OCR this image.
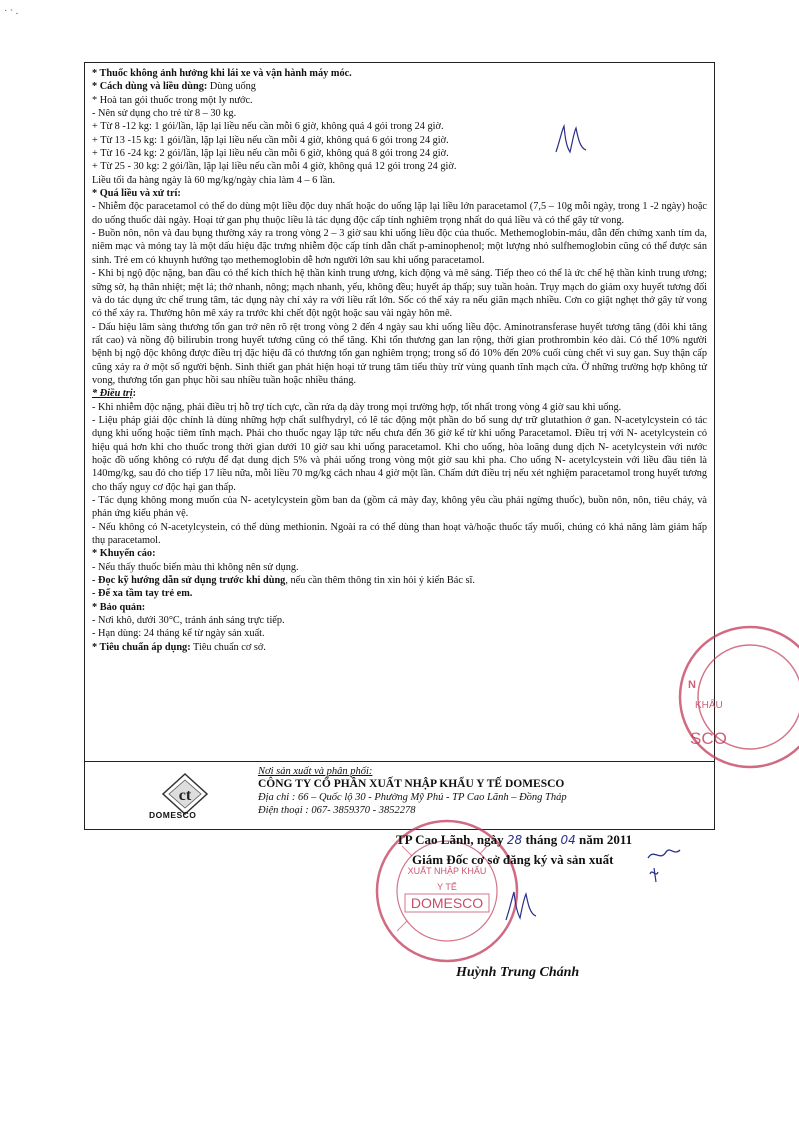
˙ ` ⸱

* Thuốc không ảnh hưởng khi lái xe và vận hành máy móc.

* Cách dùng và liều dùng: Dùng uống

* Hoà tan gói thuốc trong một ly nước.

- Nên sử dụng cho trẻ từ 8 – 30 kg.

+ Từ 8 -12 kg: 1 gói/lần, lặp lại liều nếu cần mỗi 6 giờ, không quá 4 gói trong 24 giờ.

+ Từ 13 -15 kg: 1 gói/lần, lặp lại liều nếu cần mỗi 4 giờ, không quá 6 gói trong 24 giờ.

+ Từ 16 -24 kg: 2 gói/lần, lặp lại liều nếu cần mỗi 6 giờ, không quá 8 gói trong 24 giờ.

+ Từ 25 - 30 kg: 2 gói/lần, lặp lại liều nếu cần mỗi 4 giờ, không quá 12 gói trong 24 giờ.

Liều tối đa hàng ngày là 60 mg/kg/ngày chia làm 4 – 6 lần.

* Quá liều và xử trí:

- Nhiễm độc paracetamol có thể do dùng một liều độc duy nhất hoặc do uống lặp lại liều lớn paracetamol (7,5 – 10g mỗi ngày, trong 1 -2 ngày) hoặc do uống thuốc dài ngày. Hoại tử gan phụ thuộc liều là tác dụng độc cấp tính nghiêm trọng nhất do quá liều và có thể gây tử vong.

- Buồn nôn, nôn và đau bụng thường xảy ra trong vòng 2 – 3 giờ sau khi uống liều độc của thuốc. Methemoglobin-máu, dẫn đến chứng xanh tím da, niêm mạc và móng tay là một dấu hiệu đặc trưng nhiễm độc cấp tính dẫn chất p-aminophenol; một lượng nhỏ sulfhemoglobin cũng có thể được sản sinh. Trẻ em có khuynh hướng tạo methemoglobin dễ hơn người lớn sau khi uống paracetamol.

- Khi bị ngộ độc nặng, ban đầu có thể kích thích hệ thần kinh trung ương, kích động và mê sảng. Tiếp theo có thể là ức chế hệ thần kinh trung ương; sững sờ, hạ thân nhiệt; mệt lả; thở nhanh, nông; mạch nhanh, yếu, không đều; huyết áp thấp; suy tuần hoàn. Trụy mạch do giảm oxy huyết tương đối và do tác dụng ức chế trung tâm, tác dụng này chỉ xảy ra với liều rất lớn. Sốc có thể xảy ra nếu giãn mạch nhiều. Cơn co giật nghẹt thở gây tử vong có thể xảy ra. Thường hôn mê xảy ra trước khi chết đột ngột hoặc sau vài ngày hôn mê.

- Dấu hiệu lâm sàng thương tổn gan trở nên rõ rệt trong vòng 2 đến 4 ngày sau khi uống liều độc. Aminotransferase huyết tương tăng (đôi khi tăng rất cao) và nồng độ bilirubin trong huyết tương cũng có thể tăng. Khi tổn thương gan lan rộng, thời gian prothrombin kéo dài. Có thể 10% người bệnh bị ngộ độc không được điều trị đặc hiệu đã có thương tổn gan nghiêm trọng; trong số đó 10% đến 20% cuối cùng chết vì suy gan. Suy thận cấp cũng xảy ra ở một số người bệnh. Sinh thiết gan phát hiện hoại tử trung tâm tiểu thùy trừ vùng quanh tĩnh mạch cửa. Ở những trường hợp không tử vong, thương tổn gan phục hồi sau nhiều tuần hoặc nhiều tháng.

* Điều trị:

- Khi nhiễm độc nặng, phải điều trị hỗ trợ tích cực, cần rửa dạ dày trong mọi trường hợp, tốt nhất trong vòng 4 giờ sau khi uống.

- Liệu pháp giải độc chính là dùng những hợp chất sulfhydryl, có lẽ tác động một phần do bổ sung dự trữ glutathion ở gan. N-acetylcystein có tác dụng khi uống hoặc tiêm tĩnh mạch. Phải cho thuốc ngay lập tức nếu chưa đến 36 giờ kể từ khi uống Paracetamol. Điều trị với N- acetylcystein có hiệu quả hơn khi cho thuốc trong thời gian dưới 10 giờ sau khi uống paracetamol. Khi cho uống, hòa loãng dung dịch N- acetylcystein với nước hoặc đồ uống không có rượu để đạt dung dịch 5% và phải uống trong vòng một giờ sau khi pha. Cho uống N- acetylcystein với liều đầu tiên là 140mg/kg, sau đó cho tiếp 17 liều nữa, mỗi liều 70 mg/kg cách nhau 4 giờ một lần. Chấm dứt điều trị nếu xét nghiệm paracetamol trong huyết tương cho thấy nguy cơ độc hại gan thấp.

- Tác dụng không mong muốn của N- acetylcystein gồm ban da (gồm cả mày đay, không yêu cầu phải ngừng thuốc), buồn nôn, nôn, tiêu chảy, và phản ứng kiểu phản vệ.

- Nếu không có N-acetylcystein, có thể dùng methionin. Ngoài ra có thể dùng than hoạt và/hoặc thuốc tẩy muối, chúng có khả năng làm giảm hấp thụ paracetamol.

* Khuyến cáo:

- Nếu thấy thuốc biến màu thì không nên sử dụng.

- Đọc kỹ hướng dẫn sử dụng trước khi dùng, nếu cần thêm thông tin xin hỏi ý kiến Bác sĩ.

- Để xa tầm tay trẻ em.

* Bảo quản:

- Nơi khô, dưới 30°C, tránh ánh sáng trực tiếp.

- Hạn dùng: 24 tháng kể từ ngày sản xuất.

* Tiêu chuẩn áp dụng: Tiêu chuẩn cơ sở.

ct
DOMESCO
Nơi sản xuất và phân phối:
CÔNG TY CỔ PHẦN XUẤT NHẬP KHẨU Y TẾ DOMESCO
Địa chỉ : 66 – Quốc lộ 30 - Phường Mỹ Phú - TP Cao Lãnh – Đồng Tháp
Điện thoại : 067- 3859370 - 3852278
N
KHẨU
SCO
XUẤT NHẬP KHẨU
Y TẾ
DOMESCO
TP Cao Lãnh, ngày 28 tháng 04 năm 2011
Giám Đốc cơ sở đăng ký và sản xuất
Huỳnh Trung Chánh
